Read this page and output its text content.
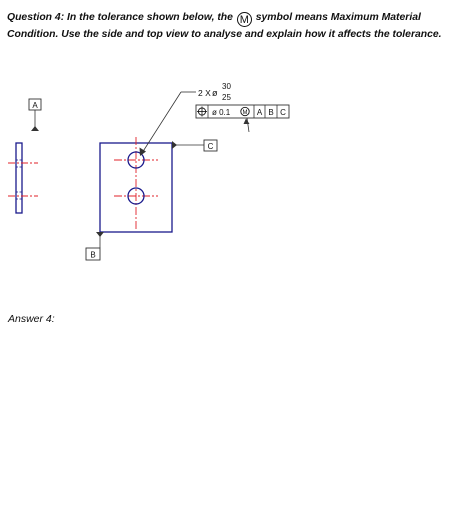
Question 4: In the tolerance shown below, the M symbol means Maximum Material Condition. Use the side and top view to analyse and explain how it affects the tolerance.
A
C
B
2 X ø
30
25
ø 0.1 M A B C
Answer 4:
